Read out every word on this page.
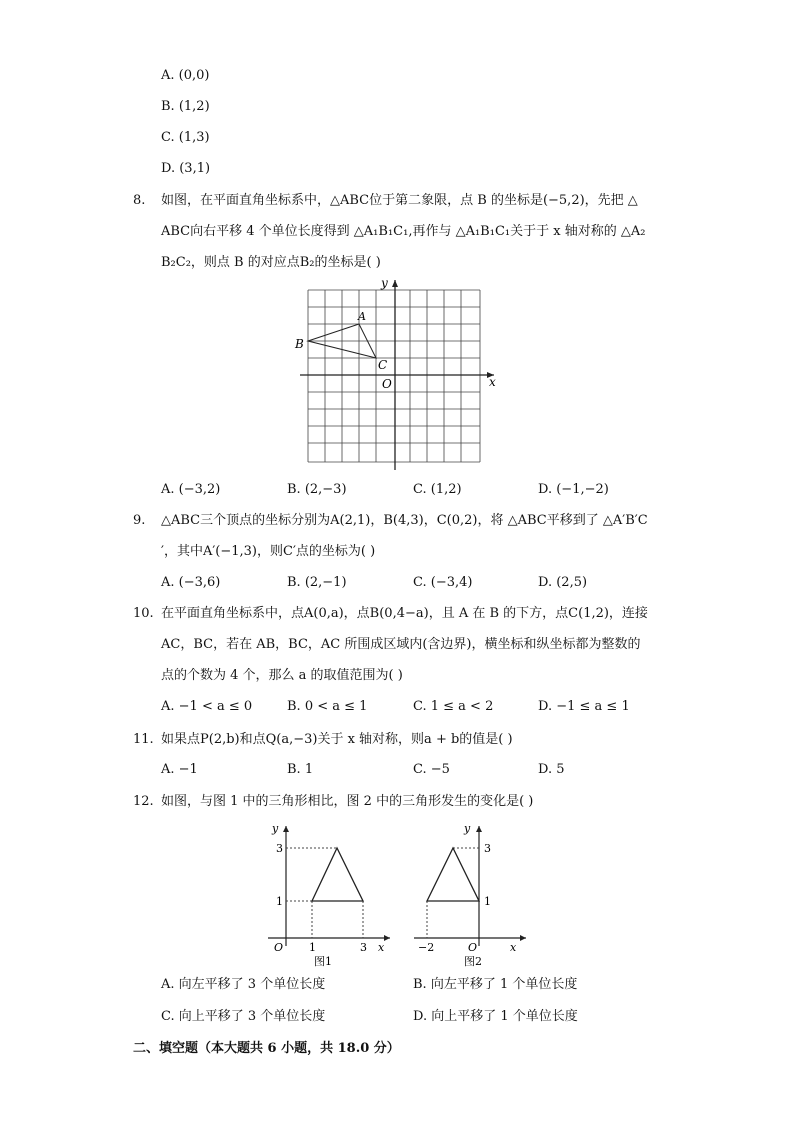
A. (0,0)
B. (1,2)
C. (1,3)
D. (3,1)
8. 如图，在平面直角坐标系中，△ABC位于第二象限，点 B 的坐标是(−5,2)，先把 △
ABC向右平移 4 个单位长度得到 △A₁B₁C₁,再作与 △A₁B₁C₁关于于 x 轴对称的 △A₂
B₂C₂，则点 B 的对应点B₂的坐标是( )
B
A
C
O	x
y
A. (−3,2)	B. (2,−3)	C. (1,2)	D. (−1,−2)
9. △ABC三个顶点的坐标分别为A(2,1)，B(4,3)，C(0,2)，将 △ABC平移到了 △A′B′C
′，其中A′(−1,3)，则C′点的坐标为( )
A. (−3,6)	B. (2,−1)	C. (−3,4)	D. (2,5)
10. 在平面直角坐标系中，点A(0,a)，点B(0,4−a)，且 A 在 B 的下方，点C(1,2)，连接
AC，BC，若在 AB，BC，AC 所围成区域内(含边界)，横坐标和纵坐标都为整数的
点的个数为 4 个，那么 a 的取值范围为( )
A. −1 < a ≤ 0	B. 0 < a ≤ 1	C. 1 ≤ a < 2	D. −1 ≤ a ≤ 1
11. 如果点P(2,b)和点Q(a,−3)关于 x 轴对称，则a + b的值是( )
A. −1	B. 1	C. −5	D. 5
12. 如图，与图 1 中的三角形相比，图 2 中的三角形发生的变化是( )
y
3
1
O 1	3 x
图1
y
3
1
−2	O	x
图2
A. 向左平移了 3 个单位长度	B. 向左平移了 1 个单位长度
C. 向上平移了 3 个单位长度	D. 向上平移了 1 个单位长度
二、填空题（本大题共 6 小题，共 18.0 分）
